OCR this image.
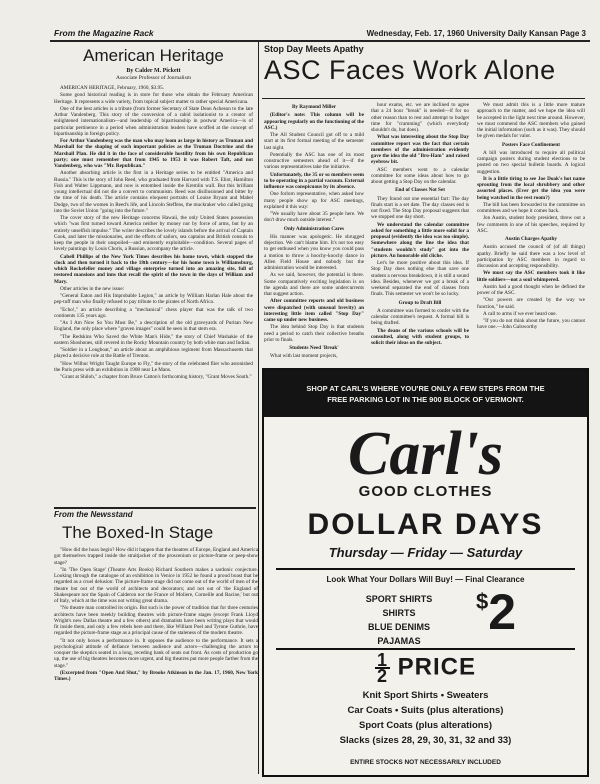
From the Magazine Rack	Wednesday, Feb. 17, 1960 University Daily Kansan Page 3
American Heritage
By Calder M. Pickett
Associate Professor of Journalism

AMERICAN HERITAGE, February, 1960, $3.95.

Some good historical reading is in store for those who obtain the February American Heritage. It represents a wide variety, from topical subject matter to rather special Americana.

One of the best articles is a tribute (from former Secretary of State Dean Acheson to the late Arthur Vandenberg. This story of the conversion of a rabid isolationist to a creator of enlightened internationalism—and leadership of bipartisanship in postwar America—is of particular pertinence in a period when administration leaders have scoffed at the concept of bipartisanship in foreign policy.

For Arthur Vandenberg was the man who may loom as large in history as Truman and Marshall for the shaping of such important policies as the Truman Doctrine and the Marshall Plan. He did it in the face of considerable hostility from his own Republican party; one must remember that from 1945 to 1953 it was Robert Taft, and not Vandenberg, who was "Mr. Republican."

Another absorbing article is the first in a Heritage series to be entitled "America and Russia." This is the story of John Reed, who graduated from Harvard with T.S. Eliot, Hamilton Fish and Walter Lippmann, and now is entombed inside the Kremlin wall. But this brilliant young intellectual did not die a convert to communism. Reed was disillusioned and bitter by the time of his death. The article contains eloquent portraits of Louise Bryant and Mabel Dodge, two of the women in Reed's life, and Lincoln Steffens, the muckraker who called going into the Soviet Union "going into the future."

The cover story of the new Heritage concerns Hawaii, the only United States possession which "was first turned toward America neither by money nor by force of arms, but by an entirely unselfish impulse." The writer describes the lovely islands before the arrival of Captain Cook, and later the missionaries, and the efforts of sailors, sea captains and British consuls to keep the people in their unspoiled—and eminently exploitable—condition. Several pages of lovely paintings by Louis Choris, a Russian, accompany the article.

Cabell Phillips of the New York Times describes his home town, which stopped the clock and then turned it back to the 18th century—for his home town is Williamsburg, which Rockefeller money and village enterprise turned into an amazing site, full of restored mansions and inns that recall the spirit of the town in the days of William and Mary.

Other articles in the new issue:

"General Eaton and His Improbable Legion," an article by William Harlan Hale about the pep-tuff man who finally refused to pay tribute to the pirates of North Africa.

"Echo!," an article describing a "mechanical" chess player that was the talk of two continents 135 years ago.

"As I Am Now So You Must Be," a description of the old graveyards of Puritan New England, the only place where "graven images" could be seen in that stern era.

"The Redskins Who Saved the White Man's Hide," the story of Chief Washakie of the eastern Shoshones, still revered in the Rocky Mountain country by both white man and Indian.

"Soldier in a Longboat," an article about an amphibious regiment from Massachusetts that played a decisive role at the Battle of Trenton.

"How Wilbur Wright Taught Europe to Fly," the story of the celebrated flier who astonished the Paris press with an exhibition in 1908 near Le Mans.

"Grant at Shiloh," a chapter from Bruce Catton's forthcoming history, "Grant Moves South."

From the Newsstand
The Boxed-In Stage

"How did the hoax begin? How did it happen that the theatres of Europe, England and America got themselves trapped inside the straitjacket of the proscenium or picture-frame or peep-show stage?

"In 'The Open Stage' (Theatre Arts Books) Richard Southern makes a sardonic conjecture. Looking through the catalogue of an exhibition in Venice in 1952 he found a proud boast that he regarded as a cruel delusion: The picture-frame stage did not come out of the world of men of the theatre but out of the world of architects and decorators; and not out of 'the England of Shakespeare nor the Spain of Calderon nor the France of Moliere, Corneille and Racine,' but out of Italy, which at the time was not writing great drama.

"No theatre man controlled its origin. But such is the power of tradition that for three centuries architects have been meekly building theatres with picture-frame stages (except Frank Lloyd Wright's new Dallas theatre and a few others) and dramatists have been writing plays that would fit inside them, and only a few rebels here and there, like William Poel and Tyrone Guthrie, have regarded the picture-frame stage as a principal cause of the staleness of the modern theatre.

"It not only boxes a performance in. It opposes the audience to the performance. It sets a psychological attitude of defiance between audience and actors—challenging the actors to conquer the skeptics seated in a long, receding bank of seats out front. As costs of production go up, the use of big theatres becomes more urgent, and big theatres put more people farther from the stage."

(Excerpted from "Open And Shut," by Brooks Atkinson in the Jan. 17, 1960, New York Times.)

Stop Day Meets Apathy
ASC Faces Work Alone

By Raymond Miller

(Editor's note: This column will be appearing regularly on the functioning of the ASC.)

The All Student Council got off to a mild start at its first formal meeting of the semester last night.

Potentially the ASC has one of its most constructive semesters ahead of it—if the various representatives take the initiative.

Unfortunately, the 35 or so members seem to be operating in a partial vacuum. External influence was conspicuous by its absence.

One forlorn representative, when asked how many people show up for ASC meetings, explained it this way:

"We usually have about 35 people here. We don't draw much outside interest."

Only Administration Cares

His manner was apologetic. He shrugged dejection. We can't blame him. It's not too easy to get enthused when you know you could pass a motion to throw a hoochy-koochy dance in Allen Field House and nobody but the administration would be interested.

As we said, however, the potential is there. Some comparatively exciting legislation is on the agenda and there are some undercurrents that suggest action.

After committee reports and old business were dispatched (with unusual brevity) an interesting little item called "Stop Day" came up under new business.

The idea behind Stop Day is that students need a period to catch their collective breaths prior to finals.

Students Need 'Break'

What with last moment projects,

hour exams, etc. we are inclined to agree that a 24 hour "break" is needed—if for no other reason than to rest and attempt to budget time for "cramming" (which everybody shouldn't do, but does).

What was interesting about the Stop Day committee report was the fact that certain members of the administration evidently gave the idea the old "Bro-Ham" and raised eyebrow bit.

ASC members went to a calendar committee for some ideas about how to go about getting a Stop Day on the calendar.

End of Classes Not Set

They found out one essential fact: The day finals start is a set date. The day classes end is not fixed. The Stop Day proposal suggests that we stopped one day short.

We understand the calendar committee asked for something a little more solid for a proposal (evidently the idea was too simple). Somewhere along the line the idea that "students wouldn't study" got into the picture. An honorable old cliche.

Let's be more positive about this idea. If Stop Day does nothing else than save one student a nervous breakdown, it is still a sound idea. Besides, whenever we got a break of a weekend separated the end of classes from finals. This semester we won't be so lucky.

Group to Draft Bill

A committee was formed to confer with the calendar committee's request. A formal bill is being drafted.

The deans of the various schools will be consulted, along with student groups, to solicit their ideas on the subject.

We must admit this is a little more mature approach to the matter, and we hope the idea will be accepted in the light next time around. However, we must commend the ASC members who gained the initial information (such as it was). They should be given medals for valor.

Posters Face Confinement

A bill was introduced to require all political campaign posters during student elections to be posted on two special bulletin boards. A logical suggestion.

It is a little tiring to see Joe Doak's hot name sprouting from the local shrubbery and other assorted places. (Ever get the idea you were being watched in the rest room?)

The bill has been forwarded to the committee on committees and we hope it comes back.

Jon Austin, student body president, threw out a few comments in one of his speeches, required by ASC.

Austin Charges Apathy

Austin accused the council of (of all things) apathy. Briefly he said there was a low level of participation by ASC members in regard to discussion and accepting responsibility.

We must say the ASC members took it like little soldiers—not a soul whimpered.

Austin had a good thought when he defined the power of the ASC.

"Our powers are created by the way we function," he said.

A call to arms if we ever heard one.

"If you do not think about the future, you cannot have one.—John Galsworthy

SHOP AT CARL'S WHERE YOU'RE ONLY A FEW STEPS FROM THE
FREE PARKING LOT IN THE 900 BLOCK OF VERMONT.
Carl's
GOOD CLOTHES
DOLLAR DAYS
Thursday — Friday — Saturday
Look What Your Dollars Will Buy! — Final Clearance
SPORT SHIRTS
SHIRTS
BLUE DENIMS
PAJAMAS
$2
$\frac{1}{2}$ PRICE
Knit Sport Shirts • Sweaters
Car Coats • Suits (plus alterations)
Sport Coats (plus alterations)
Slacks (sizes 28, 29, 30, 31, 32 and 33)
ENTIRE STOCKS NOT NECESSARILY INCLUDED
